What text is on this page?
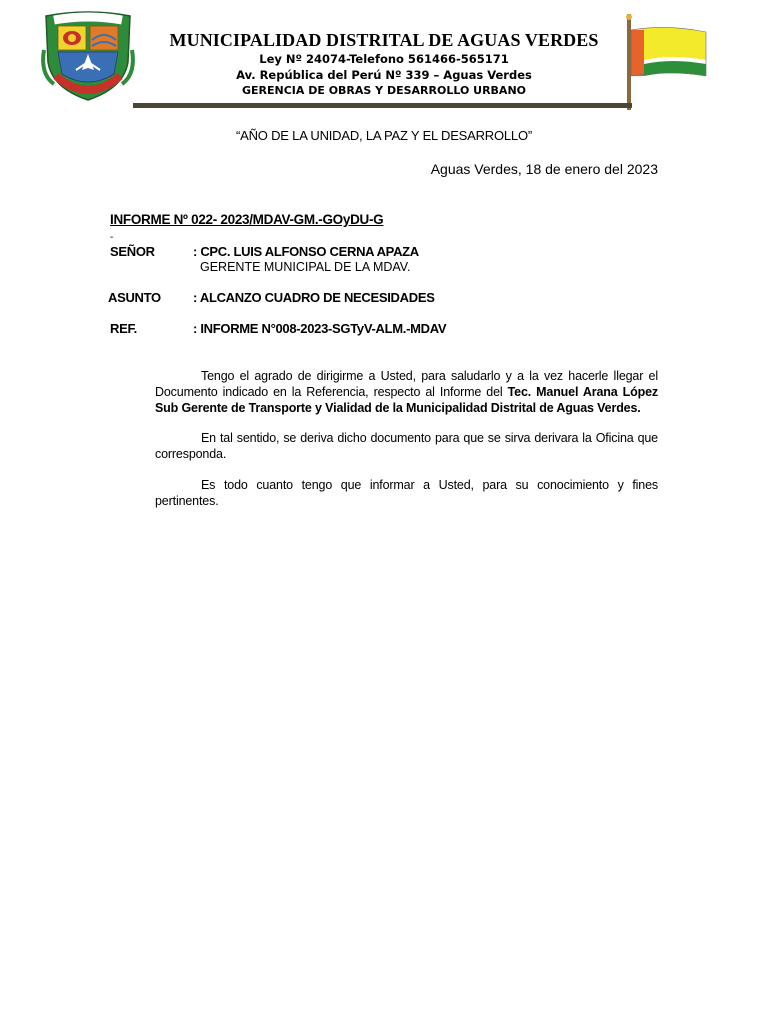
MUNICIPALIDAD DISTRITAL DE AGUAS VERDES
Ley Nº 24074-Telefono 561466-565171
Av. República del Perú Nº 339 – Aguas Verdes
GERENCIA DE OBRAS Y DESARROLLO URBANO
“AÑO DE LA UNIDAD, LA PAZ Y EL DESARROLLO”
Aguas Verdes, 18 de enero del 2023
INFORME Nº 022- 2023/MDAV-GM.-GOyDU-G
-
SEÑOR	: CPC. LUIS ALFONSO CERNA APAZA
GERENTE MUNICIPAL DE LA MDAV.
ASUNTO : ALCANZO CUADRO DE NECESIDADES
REF.	: INFORME N°008-2023-SGTyV-ALM.-MDAV
Tengo el agrado de dirigirme a Usted, para saludarlo y a la vez hacerle llegar el Documento indicado en la Referencia, respecto al Informe del Tec. Manuel Arana López Sub Gerente de Transporte y Vialidad de la Municipalidad Distrital de Aguas Verdes.
En tal sentido, se deriva dicho documento para que se sirva derivara la Oficina que corresponda.
Es todo cuanto tengo que informar a Usted, para su conocimiento y fines pertinentes.
